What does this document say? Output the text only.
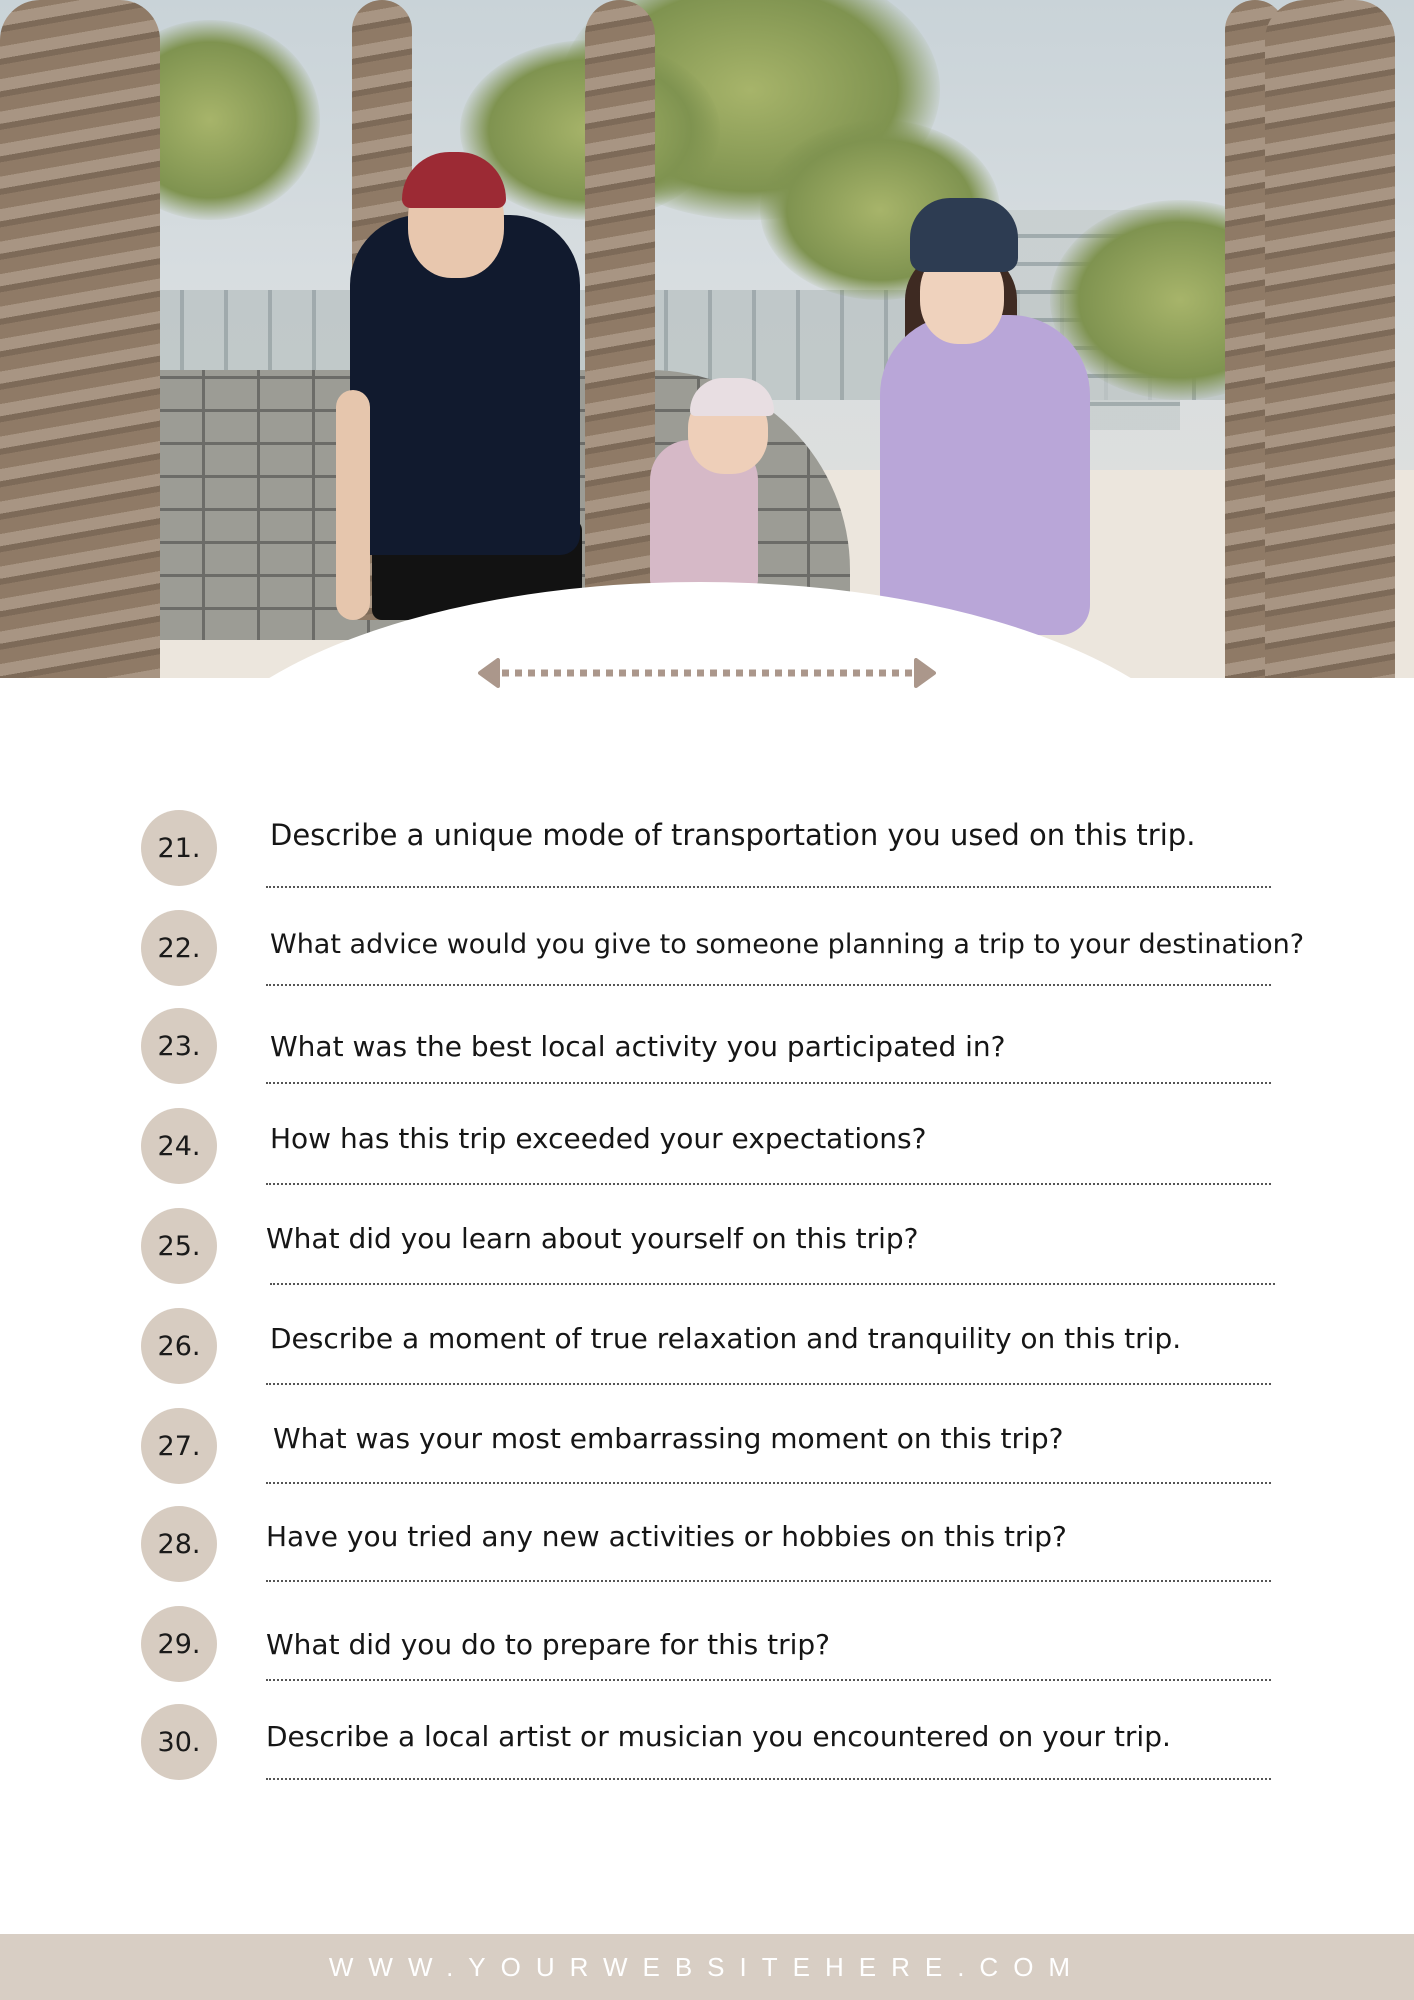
21.	Describe a unique mode of transportation you used on this trip.
22.	What advice would you give to someone planning a trip to your destination?
23.	What was the best local activity you participated in?
24.	How has this trip exceeded your expectations?
25.	What did you learn about yourself on this trip?
26.	Describe a moment of true relaxation and tranquility on this trip.
27.	What was your most embarrassing moment on this trip?
28.	Have you tried any new activities or hobbies on this trip?
29.	What did you do to prepare for this trip?
30.	Describe a local artist or musician you encountered on your trip.
WWW.YOURWEBSITEHERE.COM
